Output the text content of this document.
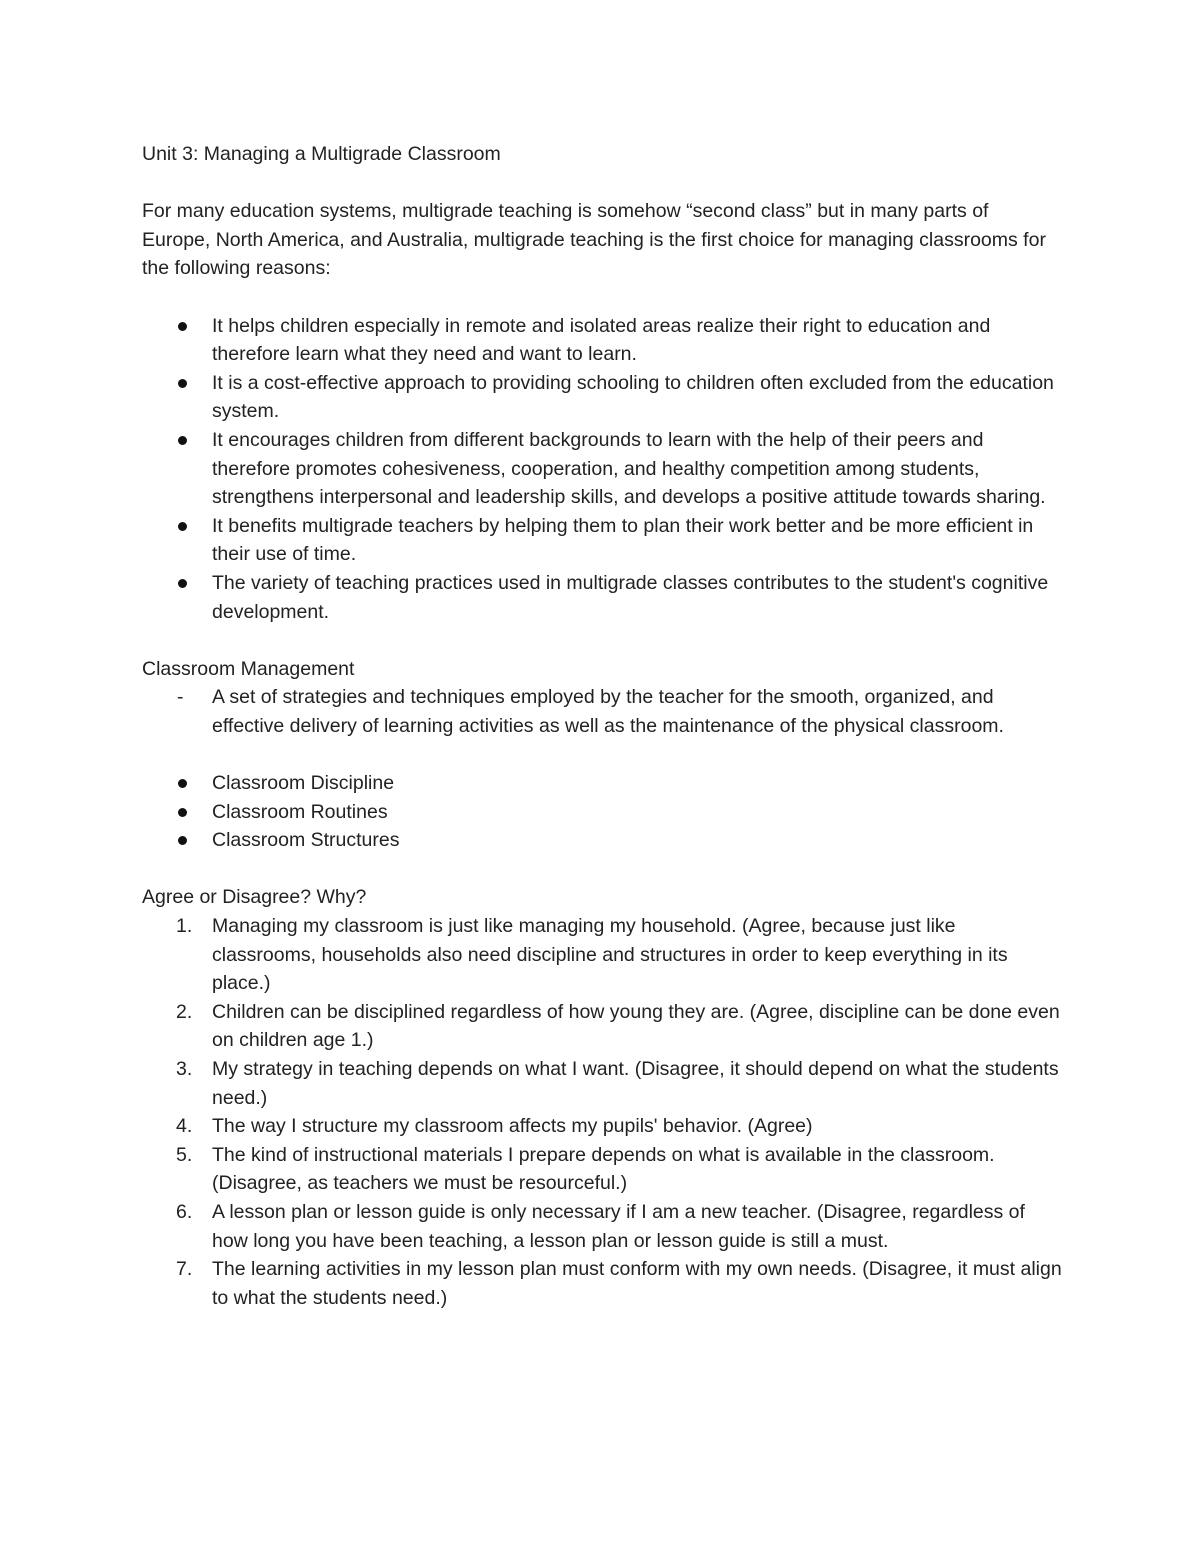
Unit 3: Managing a Multigrade Classroom

For many education systems, multigrade teaching is somehow “second class” but in many parts of Europe, North America, and Australia, multigrade teaching is the first choice for managing classrooms for the following reasons:

It helps children especially in remote and isolated areas realize their right to education and therefore learn what they need and want to learn.
It is a cost-effective approach to providing schooling to children often excluded from the education system.
It encourages children from different backgrounds to learn with the help of their peers and therefore promotes cohesiveness, cooperation, and healthy competition among students, strengthens interpersonal and leadership skills, and develops a positive attitude towards sharing.
It benefits multigrade teachers by helping them to plan their work better and be more efficient in their use of time.
The variety of teaching practices used in multigrade classes contributes to the student's cognitive development.

Classroom Management

- A set of strategies and techniques employed by the teacher for the smooth, organized, and effective delivery of learning activities as well as the maintenance of the physical classroom.
Classroom Discipline
Classroom Routines
Classroom Structures

Agree or Disagree? Why?

1. Managing my classroom is just like managing my household. (Agree, because just like classrooms, households also need discipline and structures in order to keep everything in its place.)
2. Children can be disciplined regardless of how young they are. (Agree, discipline can be done even on children age 1.)
3. My strategy in teaching depends on what I want. (Disagree, it should depend on what the students need.)
4. The way I structure my classroom affects my pupils' behavior. (Agree)
5. The kind of instructional materials I prepare depends on what is available in the classroom. (Disagree, as teachers we must be resourceful.)
6. A lesson plan or lesson guide is only necessary if I am a new teacher. (Disagree, regardless of how long you have been teaching, a lesson plan or lesson guide is still a must.
7. The learning activities in my lesson plan must conform with my own needs. (Disagree, it must align to what the students need.)
